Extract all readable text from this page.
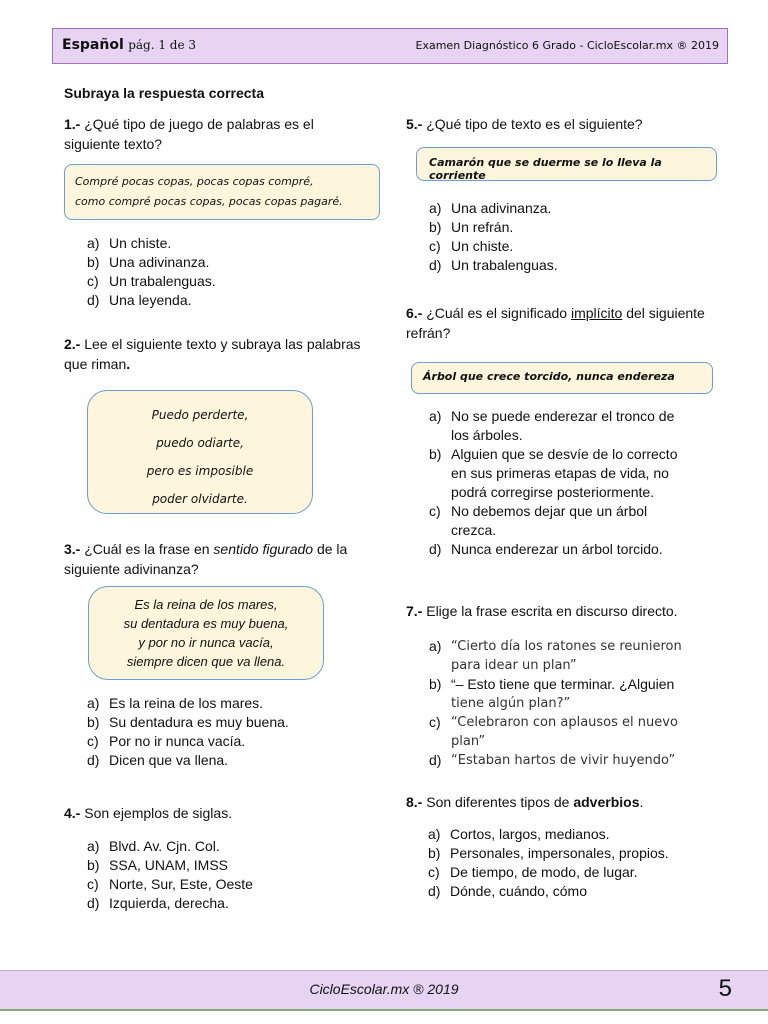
Español pág. 1 de 3	Examen Diagnóstico 6 Grado - CicloEscolar.mx ® 2019
Subraya la respuesta correcta
1.- ¿Qué tipo de juego de palabras es el siguiente texto?
Compré pocas copas, pocas copas compré,
como compré pocas copas, pocas copas pagaré.
a) Un chiste.
b) Una adivinanza.
c) Un trabalenguas.
d) Una leyenda.
2.- Lee el siguiente texto y subraya las palabras que riman.
Puedo perderte,
puedo odiarte,
pero es imposible
poder olvidarte.
3.- ¿Cuál es la frase en sentido figurado de la siguiente adivinanza?
Es la reina de los mares,
su dentadura es muy buena,
y por no ir nunca vacía,
siempre dicen que va llena.
a) Es la reina de los mares.
b) Su dentadura es muy buena.
c) Por no ir nunca vacía.
d) Dicen que va llena.
4.- Son ejemplos de siglas.
a) Blvd. Av. Cjn. Col.
b) SSA, UNAM, IMSS
c) Norte, Sur, Este, Oeste
d) Izquierda, derecha.
5.- ¿Qué tipo de texto es el siguiente?
Camarón que se duerme se lo lleva la corriente
a) Una adivinanza.
b) Un refrán.
c) Un chiste.
d) Un trabalenguas.
6.- ¿Cuál es el significado implícito del siguiente refrán?
Árbol que crece torcido, nunca endereza
a) No se puede enderezar el tronco de
los árboles.
b) Alguien que se desvíe de lo correcto
en sus primeras etapas de vida, no
podrá corregirse posteriormente.
c) No debemos dejar que un árbol
crezca.
d) Nunca enderezar un árbol torcido.
7.- Elige la frase escrita en discurso directo.
a) “Cierto día los ratones se reunieron
para idear un plan”
b) “– Esto tiene que terminar. ¿Alguien
tiene algún plan?”
c) “Celebraron con aplausos el nuevo
plan”
d) “Estaban hartos de vivir huyendo”
8.- Son diferentes tipos de adverbios.
a) Cortos, largos, medianos.
b) Personales, impersonales, propios.
c) De tiempo, de modo, de lugar.
d) Dónde, cuándo, cómo
CicloEscolar.mx ® 2019	5
